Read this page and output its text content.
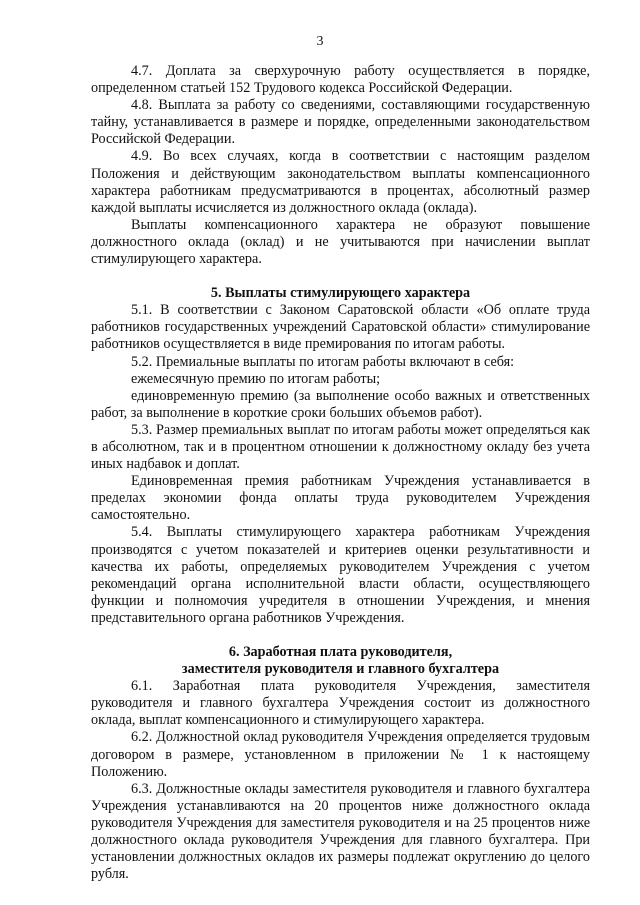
3

4.7. Доплата за сверхурочную работу осуществляется в порядке, определенном статьей 152 Трудового кодекса Российской Федерации.

4.8. Выплата за работу со сведениями, составляющими государственную тайну, устанавливается в размере и порядке, определенными законодательством Российской Федерации.

4.9. Во всех случаях, когда в соответствии с настоящим разделом Положения и действующим законодательством выплаты компенсационного характера работникам предусматриваются в процентах, абсолютный размер каждой выплаты исчисляется из должностного оклада (оклада).

Выплаты компенсационного характера не образуют повышение должностного оклада (оклад) и не учитываются при начислении выплат стимулирующего характера.

5. Выплаты стимулирующего характера

5.1. В соответствии с Законом Саратовской области «Об оплате труда работников государственных учреждений Саратовской области» стимулирование работников осуществляется в виде премирования по итогам работы.

5.2. Премиальные выплаты по итогам работы включают в себя:

ежемесячную премию по итогам работы;

единовременную премию (за выполнение особо важных и ответственных работ, за выполнение в короткие сроки больших объемов работ).

5.3. Размер премиальных выплат по итогам работы может определяться как в абсолютном, так и в процентном отношении к должностному окладу без учета иных надбавок и доплат.

Единовременная премия работникам Учреждения устанавливается в пределах экономии фонда оплаты труда руководителем Учреждения самостоятельно.

5.4. Выплаты стимулирующего характера работникам Учреждения производятся с учетом показателей и критериев оценки результативности и качества их работы, определяемых руководителем Учреждения с учетом рекомендаций органа исполнительной власти области, осуществляющего функции и полномочия учредителя в отношении Учреждения, и мнения представительного органа работников Учреждения.

6. Заработная плата руководителя,
заместителя руководителя и главного бухгалтера

6.1. Заработная плата руководителя Учреждения, заместителя руководителя и главного бухгалтера Учреждения состоит из должностного оклада, выплат компенсационного и стимулирующего характера.

6.2. Должностной оклад руководителя Учреждения определяется трудовым договором в размере, установленном в приложении № 1 к настоящему Положению.

6.3. Должностные оклады заместителя руководителя и главного бухгалтера Учреждения устанавливаются на 20 процентов ниже должностного оклада руководителя Учреждения для заместителя руководителя и на 25 процентов ниже должностного оклада руководителя Учреждения для главного бухгалтера. При установлении должностных окладов их размеры подлежат округлению до целого рубля.
